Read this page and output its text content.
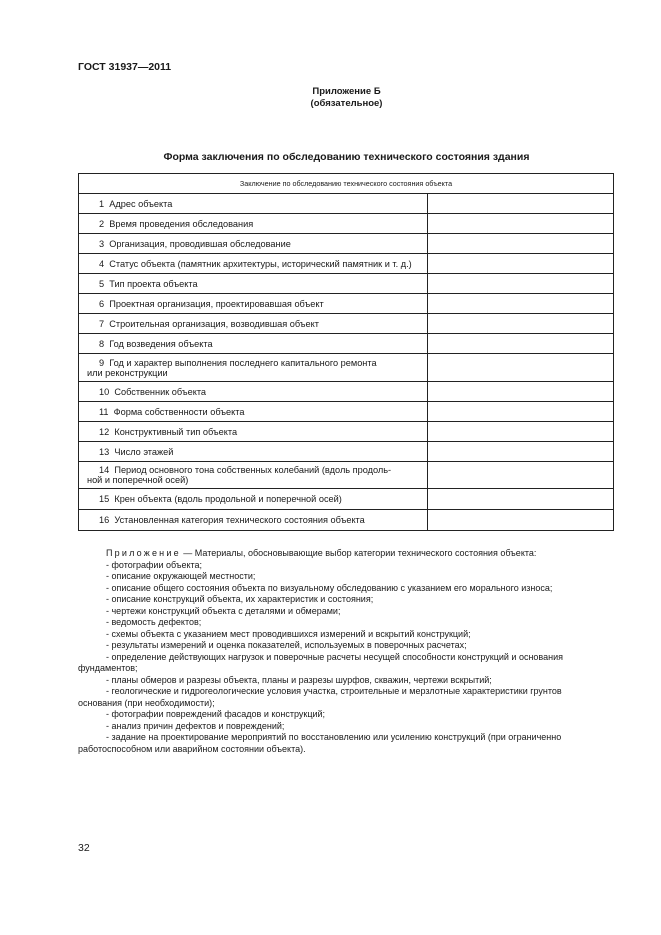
ГОСТ 31937—2011
Приложение Б
(обязательное)
Форма заключения по обследованию технического состояния здания
Заключение по обследованию технического состояния объекта	

1 Адрес объекта	

2 Время проведения обследования	

3 Организация, проводившая обследование	

4 Статус объекта (памятник архитектуры, исторический памятник и т. д.)	

5 Тип проекта объекта	

6 Проектная организация, проектировавшая объект	

7 Строительная организация, возводившая объект	

8 Год возведения объекта	

9 Год и характер выполнения последнего капитального ремонта
или реконструкции	

10 Собственник объекта	

11 Форма собственности объекта	

12 Конструктивный тип объекта	

13 Число этажей	

14 Период основного тона собственных колебаний (вдоль продоль-
ной и поперечной осей)	

15 Крен объекта (вдоль продольной и поперечной осей)	

16 Установленная категория технического состояния объекта	

Приложение — Материалы, обосновывающие выбор категории технического состояния объекта:
- фотографии объекта;
- описание окружающей местности;
- описание общего состояния объекта по визуальному обследованию с указанием его морального износа;
- описание конструкций объекта, их характеристик и состояния;
- чертежи конструкций объекта с деталями и обмерами;
- ведомость дефектов;
- схемы объекта с указанием мест проводившихся измерений и вскрытий конструкций;
- результаты измерений и оценка показателей, используемых в поверочных расчетах;
- определение действующих нагрузок и поверочные расчеты несущей способности конструкций и основания
фундаментов;
- планы обмеров и разрезы объекта, планы и разрезы шурфов, скважин, чертежи вскрытий;
- геологические и гидрогеологические условия участка, строительные и мерзлотные характеристики грунтов
основания (при необходимости);
- фотографии повреждений фасадов и конструкций;
- анализ причин дефектов и повреждений;
- задание на проектирование мероприятий по восстановлению или усилению конструкций (при ограниченно
работоспособном или аварийном состоянии объекта).
32
